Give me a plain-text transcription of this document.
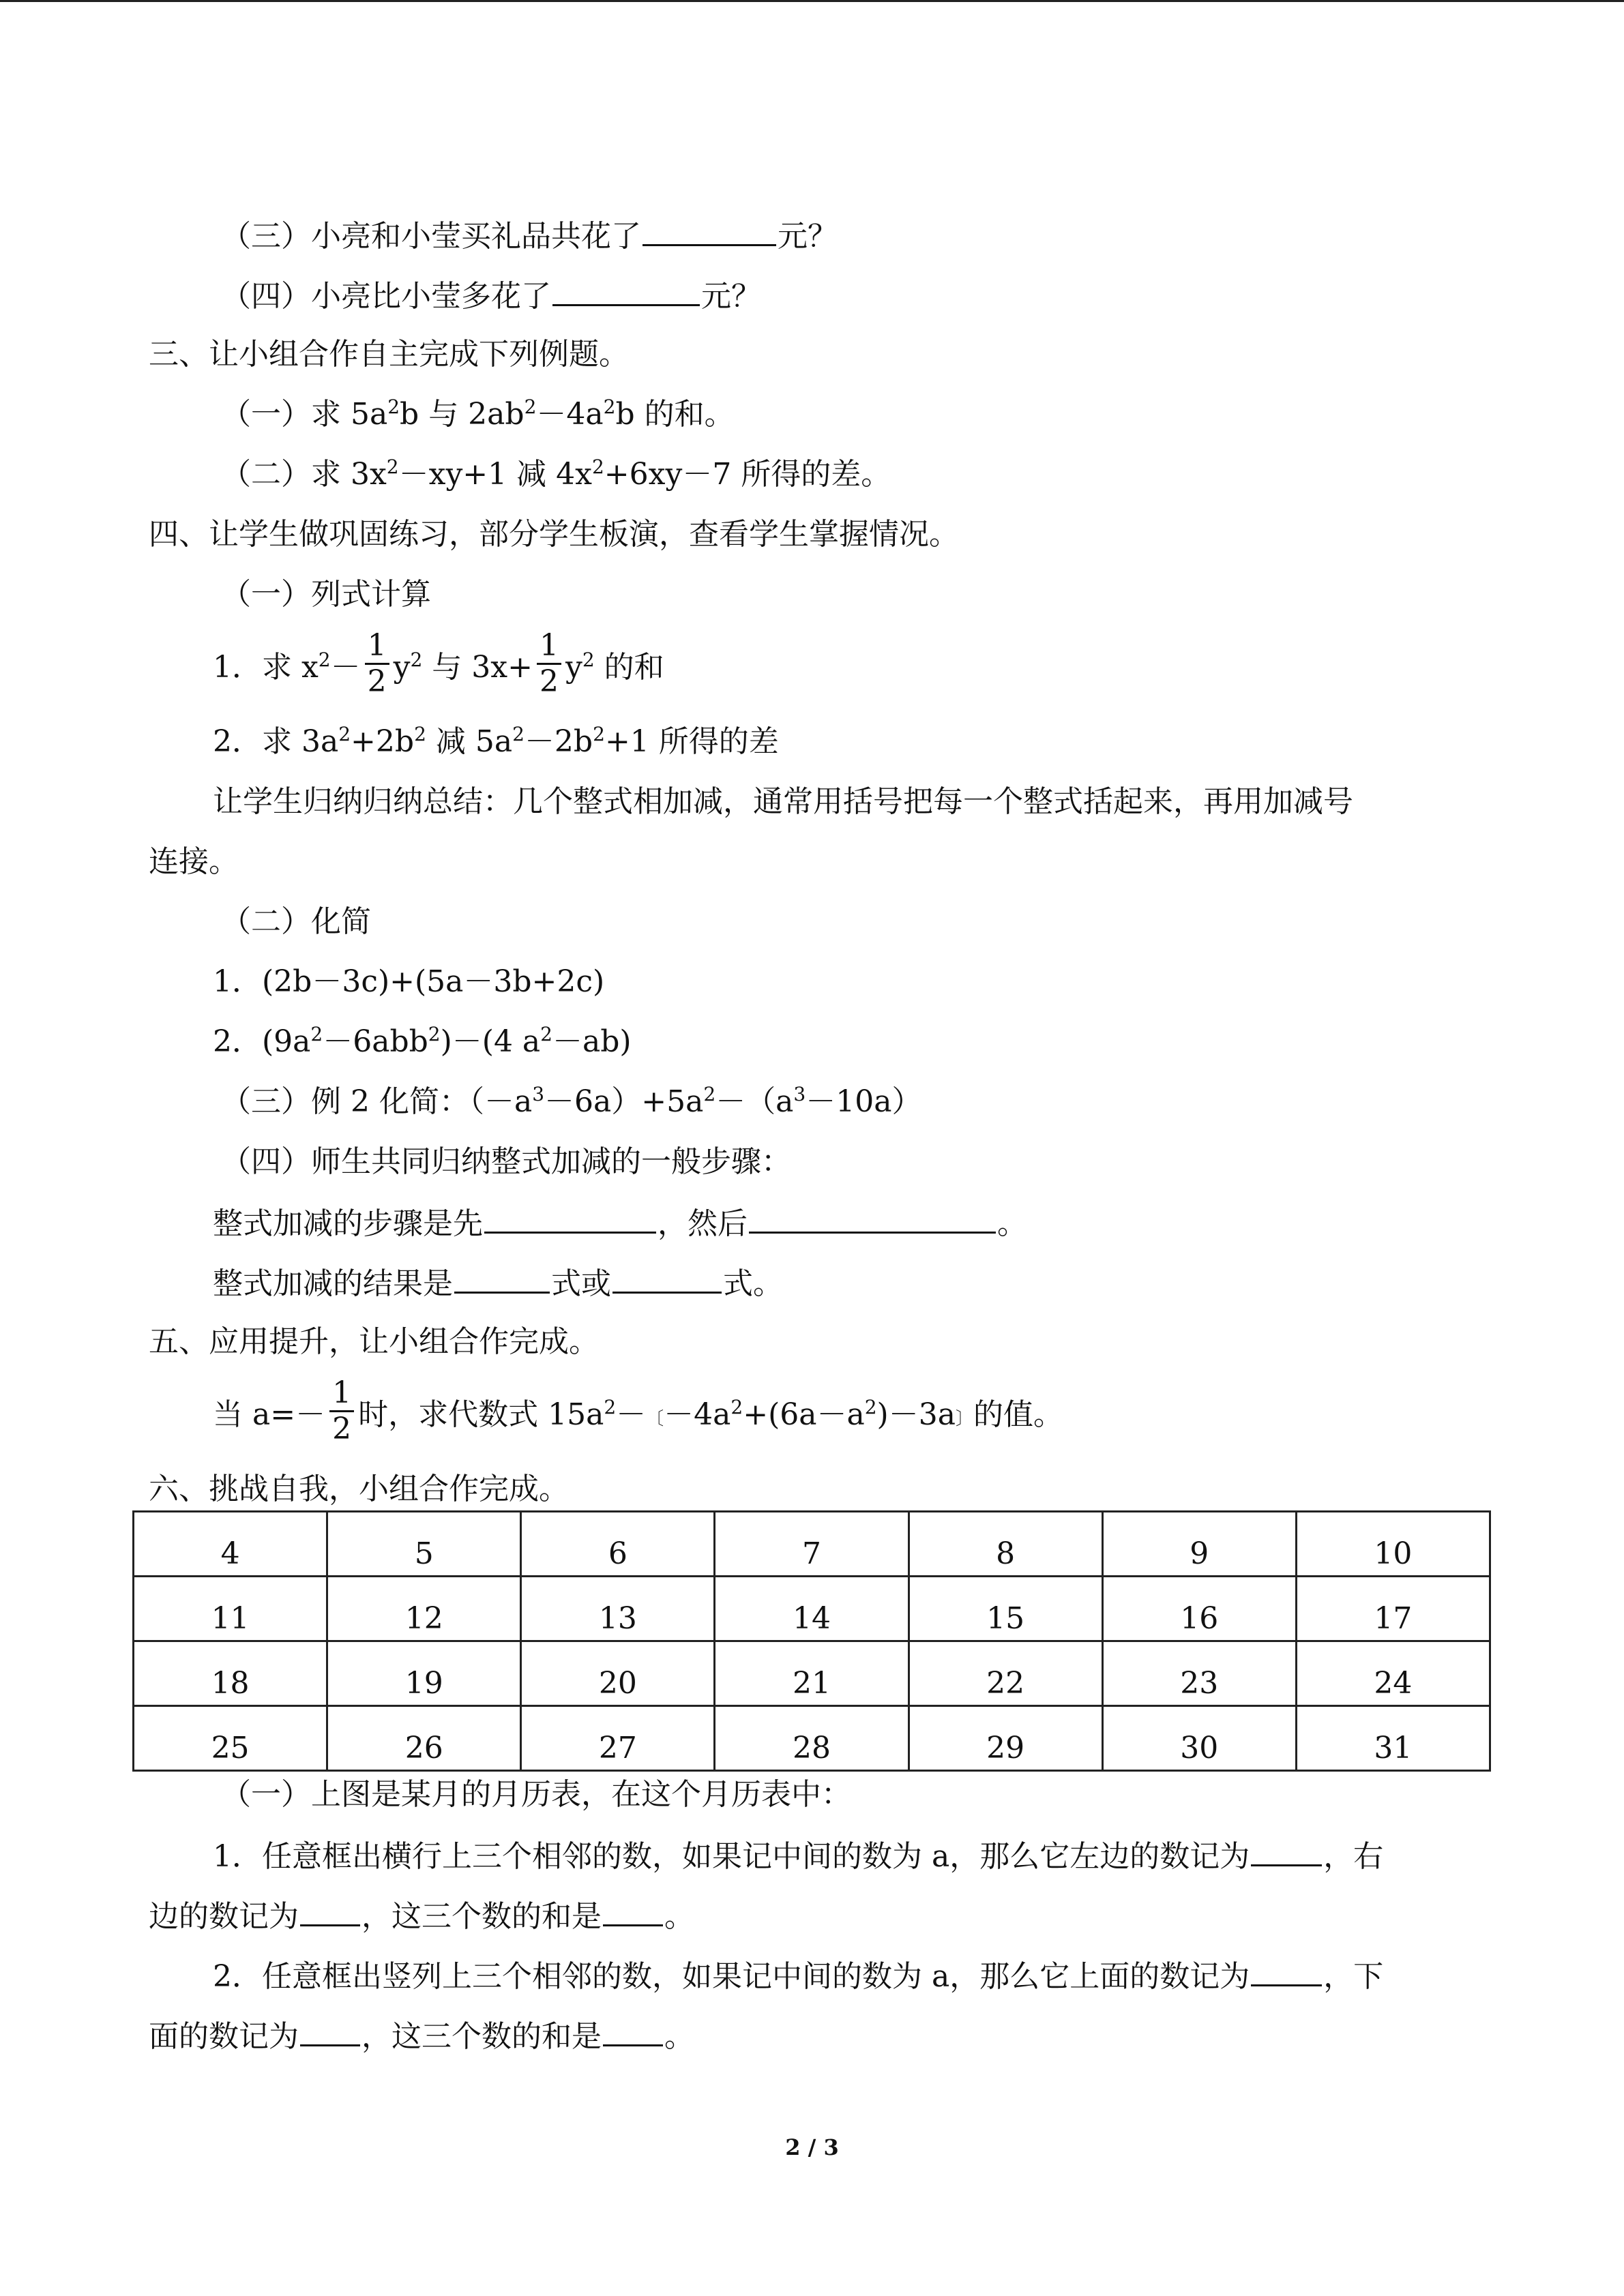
（三）小亮和小莹买礼品共花了	元？
（四）小亮比小莹多花了	元？
三、让小组合作自主完成下列例题。
（一）求 $5a^2b$ 与 $2ab^2-4a^2b$ 的和。
（二）求 $3x^2-xy+1$ 减 $4x^2+6xy-7$ 所得的差。
四、让学生做巩固练习，部分学生板演，查看学生掌握情况。
（一）列式计算
1．求 $x^2- \frac{1}{2} y^2$ 与 $3x+ \frac{1}{2} y^2$ 的和
2．求 $3a^2+2b^2$ 减 $5a^2-2b^2+1$ 所得的差
让学生归纳归纳总结：几个整式相加减，通常用括号把每一个整式括起来，再用加减号
连接。
（二）化简
1．(2b－3c)+(5a－3b+2c)
2．$(9a^2-6abb^2)-(4$ $a^2-ab$)
（三）例 2 化简：$(-a^3-6a)+5a^2-(a^3-10a)$
（四）师生共同归纳整式加减的一般步骤：
整式加减的步骤是先	，然后	。
整式加减的结果是	式或	式。
五、应用提升，让小组合作完成。
当 $a=- \frac{1}{2}$ 时，求代数式 $15a^2-$〔$-4a^2+(6a-a^2)-3a$〕的值。
六、挑战自我，小组合作完成。
4	5	6	7	8	9	10
11	12	13	14	15	16	17
18	19	20	21	22	23	24
25	26	27	28	29	30	31
（一）上图是某月的月历表，在这个月历表中：
1．任意框出横行上三个相邻的数，如果记中间的数为 a，那么它左边的数记为 ，右
边的数记为 ，这三个数的和是 。
2．任意框出竖列上三个相邻的数，如果记中间的数为 a，那么它上面的数记为 ，下
面的数记为 ，这三个数的和是 。
2 / 3
